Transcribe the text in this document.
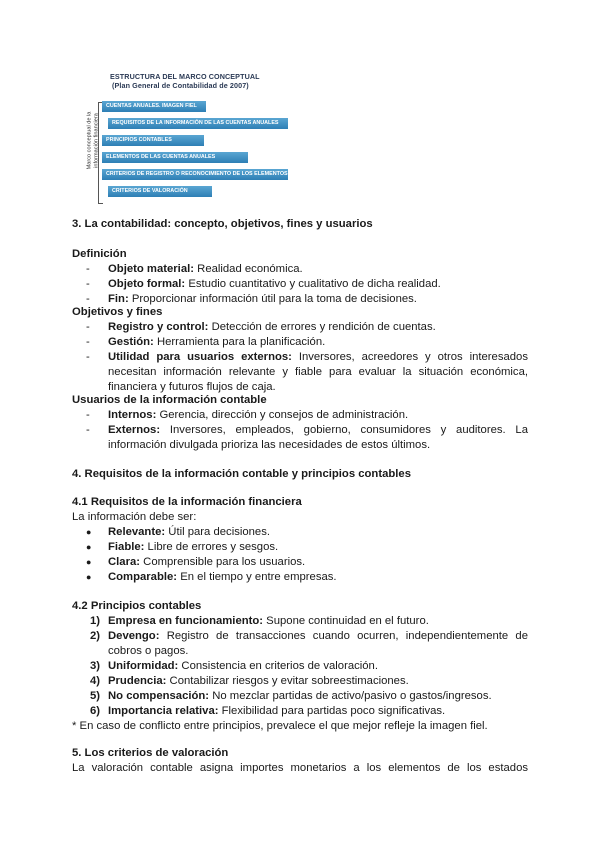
ESTRUCTURA DEL MARCO CONCEPTUAL
(Plan General de Contabilidad de 2007)
Marco conceptual de la información financiera
CUENTAS ANUALES. IMAGEN FIEL
REQUISITOS DE LA INFORMACIÓN DE LAS CUENTAS ANUALES
PRINCIPIOS CONTABLES
ELEMENTOS DE LAS CUENTAS ANUALES
CRITERIOS DE REGISTRO O RECONOCIMIENTO DE LOS ELEMENTOS
CRITERIOS DE VALORACIÓN
3. La contabilidad: concepto, objetivos, fines y usuarios
Definición
- Objeto material: Realidad económica.
- Objeto formal: Estudio cuantitativo y cualitativo de dicha realidad.
- Fin: Proporcionar información útil para la toma de decisiones.
Objetivos y fines
- Registro y control: Detección de errores y rendición de cuentas.
- Gestión: Herramienta para la planificación.
- Utilidad para usuarios externos: Inversores, acreedores y otros interesados necesitan información relevante y fiable para evaluar la situación económica, financiera y futuros flujos de caja.
Usuarios de la información contable
- Internos: Gerencia, dirección y consejos de administración.
- Externos: Inversores, empleados, gobierno, consumidores y auditores. La información divulgada prioriza las necesidades de estos últimos.
4. Requisitos de la información contable y principios contables
4.1 Requisitos de la información financiera
La información debe ser:
● Relevante: Útil para decisiones.
● Fiable: Libre de errores y sesgos.
● Clara: Comprensible para los usuarios.
● Comparable: En el tiempo y entre empresas.
4.2 Principios contables
1) Empresa en funcionamiento: Supone continuidad en el futuro.
2) Devengo: Registro de transacciones cuando ocurren, independientemente de cobros o pagos.
3) Uniformidad: Consistencia en criterios de valoración.
4) Prudencia: Contabilizar riesgos y evitar sobreestimaciones.
5) No compensación: No mezclar partidas de activo/pasivo o gastos/ingresos.
6) Importancia relativa: Flexibilidad para partidas poco significativas.
* En caso de conflicto entre principios, prevalece el que mejor refleje la imagen fiel.
5. Los criterios de valoración
La valoración contable asigna importes monetarios a los elementos de los estados
